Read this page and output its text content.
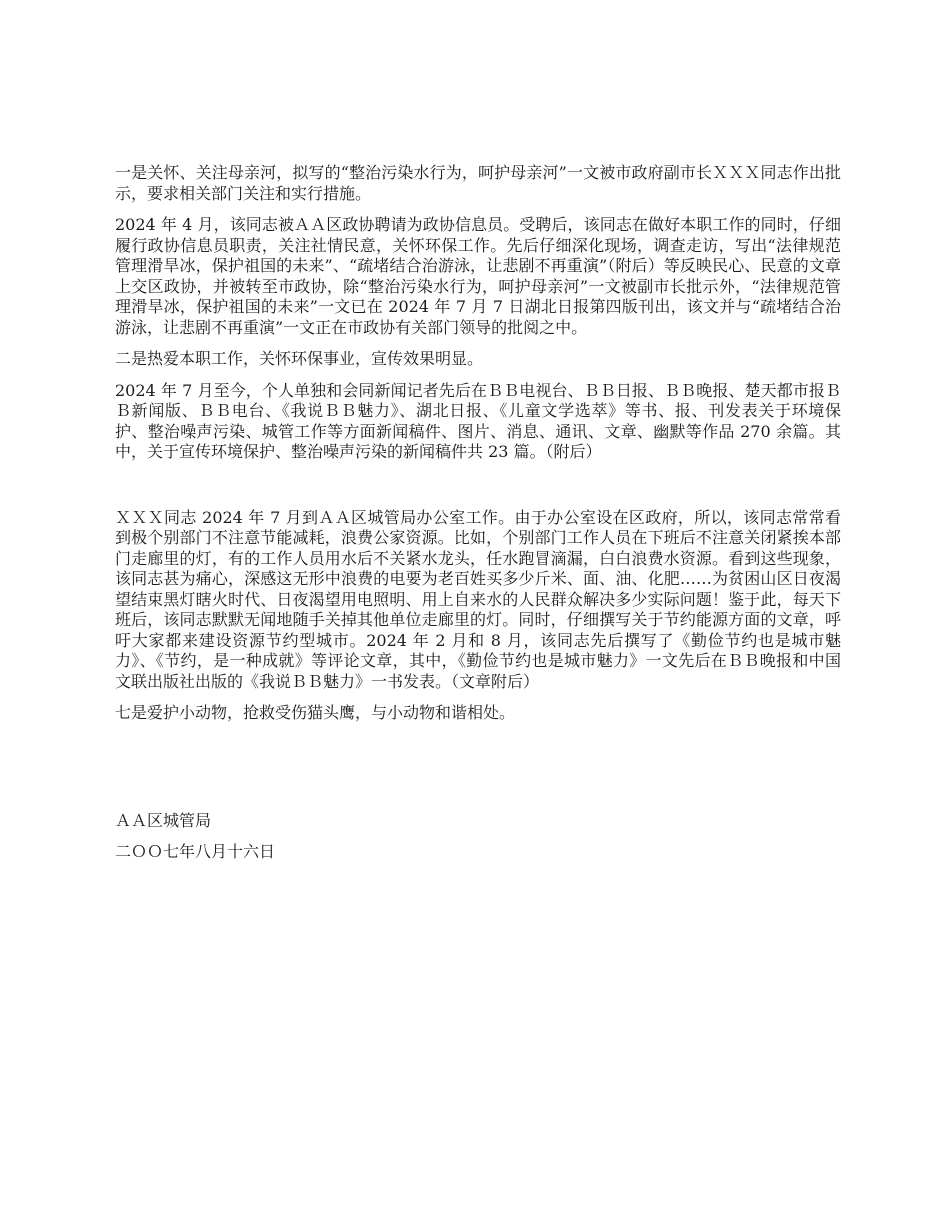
一是关怀、关注母亲河，拟写的“整治污染水行为，呵护母亲河”一文被市政府副市长ＸＸＸ同志作出批示，要求相关部门关注和实行措施。

2024 年 4 月，该同志被ＡＡ区政协聘请为政协信息员。受聘后，该同志在做好本职工作的同时，仔细履行政协信息员职责，关注社情民意，关怀环保工作。先后仔细深化现场，调查走访，写出“法律规范管理滑旱冰，保护祖国的未来”、“疏堵结合治游泳，让悲剧不再重演”（附后）等反映民心、民意的文章上交区政协，并被转至市政协，除“整治污染水行为，呵护母亲河”一文被副市长批示外，“法律规范管理滑旱冰，保护祖国的未来”一文已在 2024 年 7 月 7 日湖北日报第四版刊出，该文并与“疏堵结合治游泳，让悲剧不再重演”一文正在市政协有关部门领导的批阅之中。

二是热爱本职工作，关怀环保事业，宣传效果明显。

2024 年 7 月至今，个人单独和会同新闻记者先后在ＢＢ电视台、ＢＢ日报、ＢＢ晚报、楚天都市报ＢＢ新闻版、ＢＢ电台、《我说ＢＢ魅力》、湖北日报、《儿童文学选萃》等书、报、刊发表关于环境保护、整治噪声污染、城管工作等方面新闻稿件、图片、消息、通讯、文章、幽默等作品 270 余篇。其中，关于宣传环境保护、整治噪声污染的新闻稿件共 23 篇。（附后）

ＸＸＸ同志 2024 年 7 月到ＡＡ区城管局办公室工作。由于办公室设在区政府，所以，该同志常常看到极个别部门不注意节能减耗，浪费公家资源。比如，个别部门工作人员在下班后不注意关闭紧挨本部门走廊里的灯，有的工作人员用水后不关紧水龙头，任水跑冒滴漏，白白浪费水资源。看到这些现象，该同志甚为痛心，深感这无形中浪费的电要为老百姓买多少斤米、面、油、化肥……为贫困山区日夜渴望结束黑灯瞎火时代、日夜渴望用电照明、用上自来水的人民群众解决多少实际问题！鉴于此，每天下班后，该同志默默无闻地随手关掉其他单位走廊里的灯。同时，仔细撰写关于节约能源方面的文章，呼吁大家都来建设资源节约型城市。2024 年 2 月和 8 月，该同志先后撰写了《勤俭节约也是城市魅力》、《节约，是一种成就》等评论文章，其中，《勤俭节约也是城市魅力》一文先后在ＢＢ晚报和中国文联出版社出版的《我说ＢＢ魅力》一书发表。（文章附后）

七是爱护小动物，抢救受伤猫头鹰，与小动物和谐相处。

ＡＡ区城管局

二ＯＯ七年八月十六日
